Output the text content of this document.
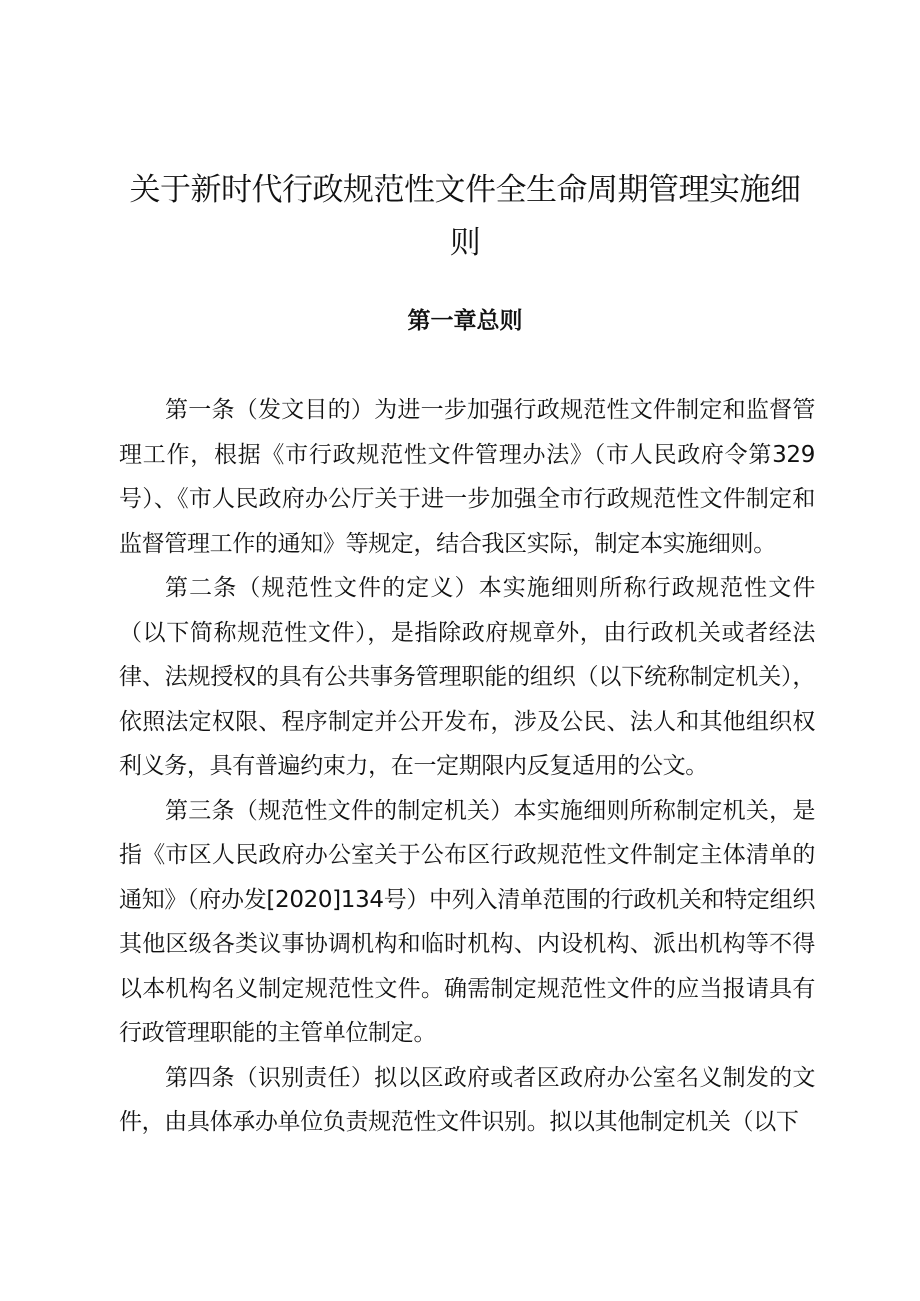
关于新时代行政规范性文件全生命周期管理实施细则
第一章总则

第一条（发文目的）为进一步加强行政规范性文件制定和监督管理工作，根据《市行政规范性文件管理办法》（市人民政府令第329号）、《市人民政府办公厅关于进一步加强全市行政规范性文件制定和监督管理工作的通知》等规定，结合我区实际，制定本实施细则。

第二条（规范性文件的定义）本实施细则所称行政规范性文件（以下简称规范性文件），是指除政府规章外，由行政机关或者经法律、法规授权的具有公共事务管理职能的组织（以下统称制定机关），依照法定权限、程序制定并公开发布，涉及公民、法人和其他组织权利义务，具有普遍约束力，在一定期限内反复适用的公文。

第三条（规范性文件的制定机关）本实施细则所称制定机关，是指《市区人民政府办公室关于公布区行政规范性文件制定主体清单的通知》（府办发[2020]134号）中列入清单范围的行政机关和特定组织其他区级各类议事协调机构和临时机构、内设机构、派出机构等不得以本机构名义制定规范性文件。确需制定规范性文件的应当报请具有行政管理职能的主管单位制定。

第四条（识别责任）拟以区政府或者区政府办公室名义制发的文件，由具体承办单位负责规范性文件识别。拟以其他制定机关（以下
